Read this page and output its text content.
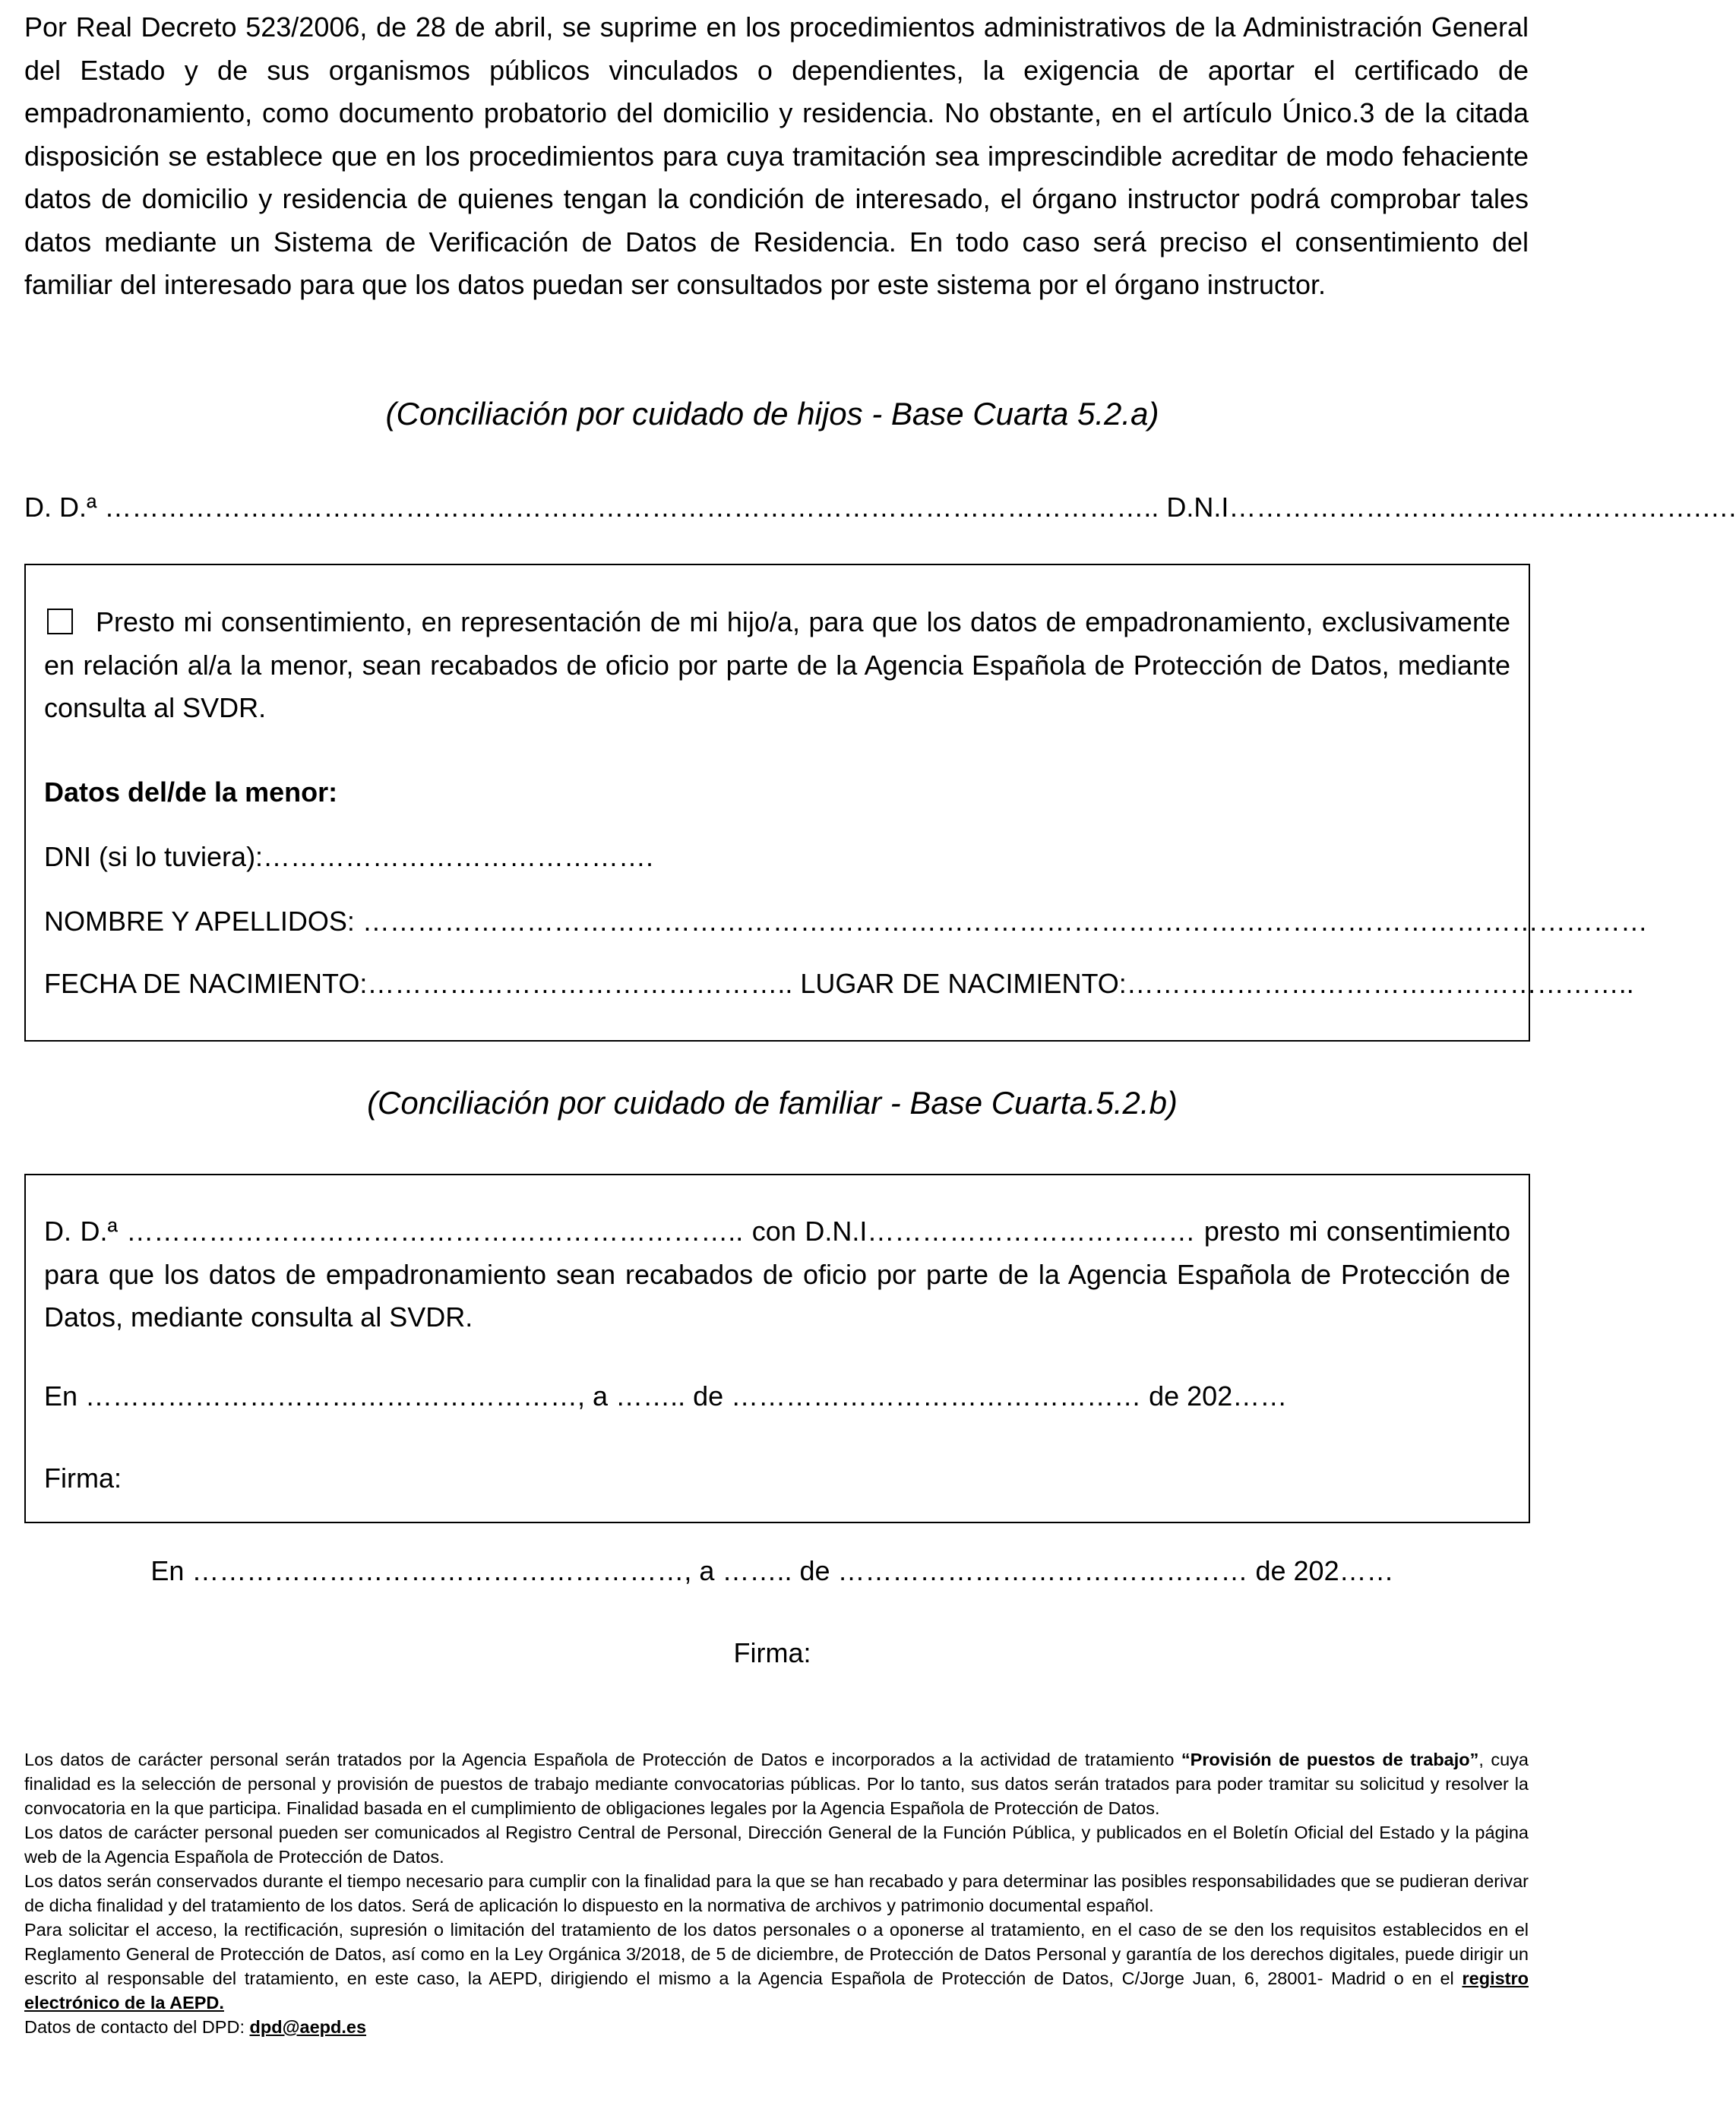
Por Real Decreto 523/2006, de 28 de abril, se suprime en los procedimientos administrativos de la Administración General del Estado y de sus organismos públicos vinculados o dependientes, la exigencia de aportar el certificado de empadronamiento, como documento probatorio del domicilio y residencia. No obstante, en el artículo Único.3 de la citada disposición se establece que en los procedimientos para cuya tramitación sea imprescindible acreditar de modo fehaciente datos de domicilio y residencia de quienes tengan la condición de interesado, el órgano instructor podrá comprobar tales datos mediante un Sistema de Verificación de Datos de Residencia. En todo caso será preciso el consentimiento del familiar del interesado para que los datos puedan ser consultados por este sistema por el órgano instructor.
(Conciliación por cuidado de hijos - Base Cuarta 5.2.a)
D. D.ª …………………………………………………………………………………………………….. D.N.I…………………………………………….….
Presto mi consentimiento, en representación de mi hijo/a, para que los datos de empadronamiento, exclusivamente en relación al/a la menor, sean recabados de oficio por parte de la Agencia Española de Protección de Datos, mediante consulta al SVDR.
Datos del/de la menor:
DNI (si lo tuviera):…………………………………….
NOMBRE Y APELLIDOS: ……………………………………………………………………………………………………………………………
FECHA DE NACIMIENTO:……………………………………….. LUGAR DE NACIMIENTO:………………………………………………..
(Conciliación por cuidado de familiar - Base Cuarta.5.2.b)
D. D.ª ………………………………………………………….. con D.N.I……………………………… presto mi consentimiento para que los datos de empadronamiento sean recabados de oficio por parte de la Agencia Española de Protección de Datos, mediante consulta al SVDR.
En ………………………………………………, a …….. de ……………………………………… de 202……
Firma:
En ………………………………………………, a …….. de ……………………………………… de 202……
Firma:

Los datos de carácter personal serán tratados por la Agencia Española de Protección de Datos e incorporados a la actividad de tratamiento “Provisión de puestos de trabajo”, cuya finalidad es la selección de personal y provisión de puestos de trabajo mediante convocatorias públicas. Por lo tanto, sus datos serán tratados para poder tramitar su solicitud y resolver la convocatoria en la que participa. Finalidad basada en el cumplimiento de obligaciones legales por la Agencia Española de Protección de Datos.

Los datos de carácter personal pueden ser comunicados al Registro Central de Personal, Dirección General de la Función Pública, y publicados en el Boletín Oficial del Estado y la página web de la Agencia Española de Protección de Datos.

Los datos serán conservados durante el tiempo necesario para cumplir con la finalidad para la que se han recabado y para determinar las posibles responsabilidades que se pudieran derivar de dicha finalidad y del tratamiento de los datos. Será de aplicación lo dispuesto en la normativa de archivos y patrimonio documental español.

Para solicitar el acceso, la rectificación, supresión o limitación del tratamiento de los datos personales o a oponerse al tratamiento, en el caso de se den los requisitos establecidos en el Reglamento General de Protección de Datos, así como en la Ley Orgánica 3/2018, de 5 de diciembre, de Protección de Datos Personal y garantía de los derechos digitales, puede dirigir un escrito al responsable del tratamiento, en este caso, la AEPD, dirigiendo el mismo a la Agencia Española de Protección de Datos, C/Jorge Juan, 6, 28001- Madrid o en el registro electrónico de la AEPD.

Datos de contacto del DPD: dpd@aepd.es
